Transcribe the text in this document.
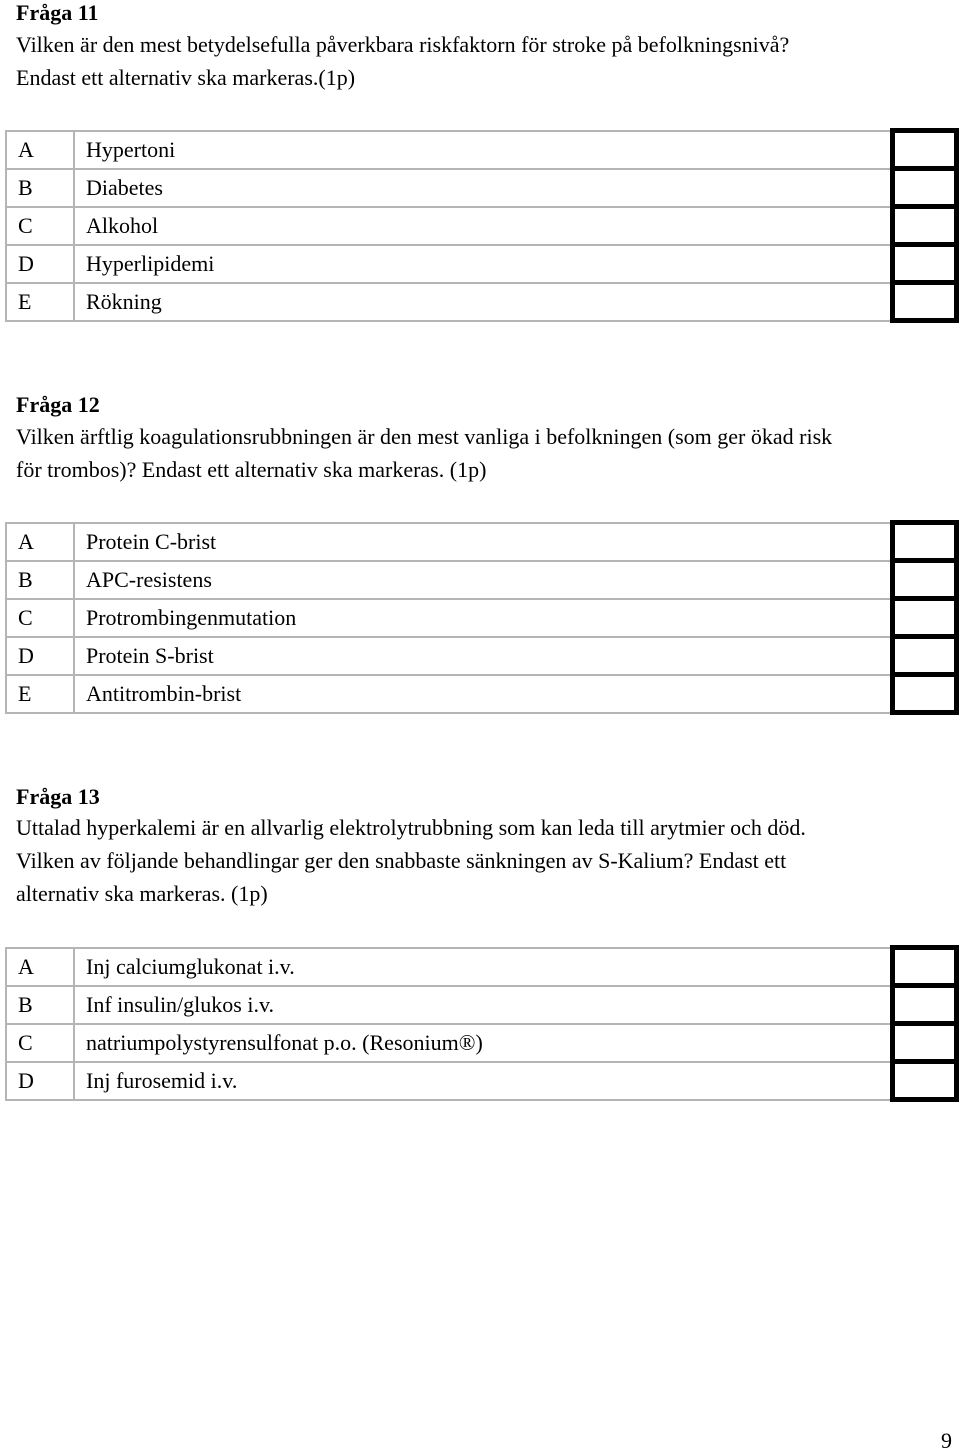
Fråga 11

Vilken är den mest betydelsefulla påverkbara riskfaktorn för stroke på befolkningsnivå?
Endast ett alternativ ska markeras.(1p)

A	Hypertoni	
B	Diabetes	
C	Alkohol	
D	Hyperlipidemi	
E	Rökning	
Fråga 12

Vilken ärftlig koagulationsrubbningen är den mest vanliga i befolkningen (som ger ökad risk
för trombos)? Endast ett alternativ ska markeras. (1p)

A	Protein C-brist	
B	APC-resistens	
C	Protrombingenmutation	
D	Protein S-brist	
E	Antitrombin-brist	
Fråga 13

Uttalad hyperkalemi är en allvarlig elektrolytrubbning som kan leda till arytmier och död.
Vilken av följande behandlingar ger den snabbaste sänkningen av S-Kalium? Endast ett
alternativ ska markeras. (1p)

A	Inj calciumglukonat i.v.	
B	Inf insulin/glukos i.v.	
C	natriumpolystyrensulfonat p.o. (Resonium®)	
D	Inj furosemid i.v.	
9
